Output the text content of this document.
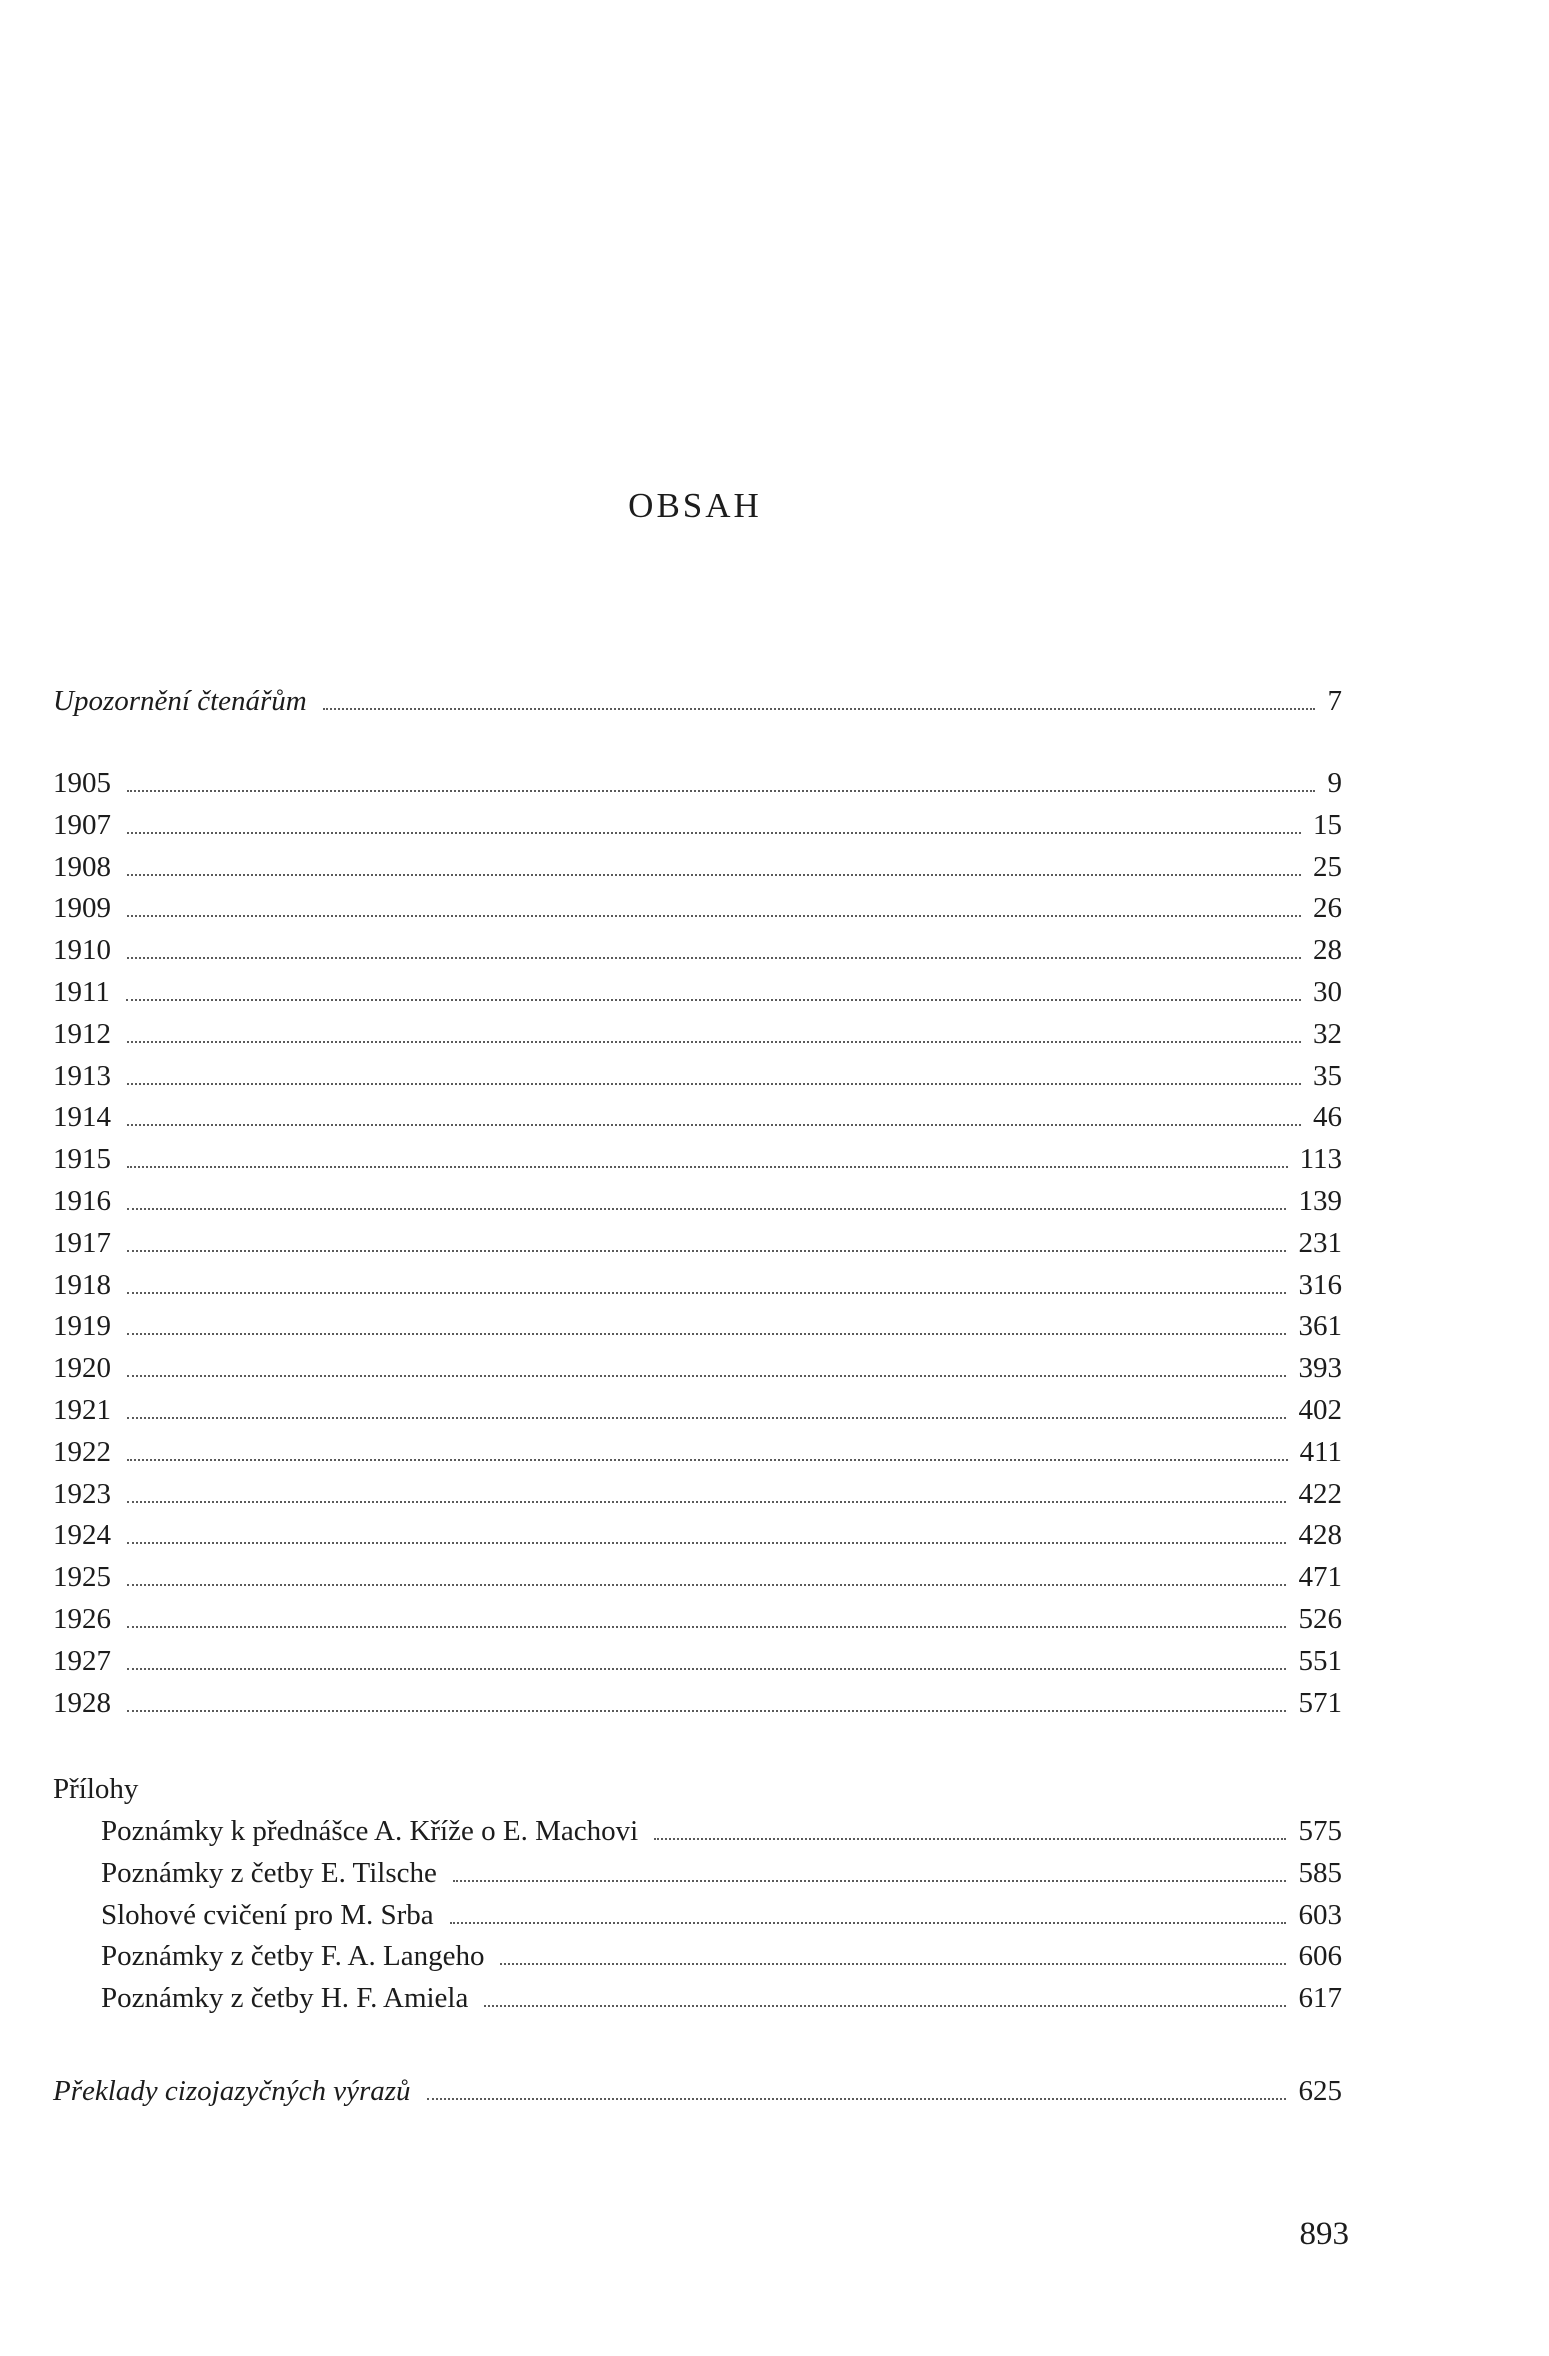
OBSAH
Upozornění čtenářům	7
1905	9
1907	15
1908	25
1909	26
1910	28
1911	30
1912	32
1913	35
1914	46
1915	113
1916	139
1917	231
1918	316
1919	361
1920	393
1921	402
1922	411
1923	422
1924	428
1925	471
1926	526
1927	551
1928	571
Přílohy
Poznámky k přednášce A. Kříže o E. Machovi	575
Poznámky z četby E. Tilsche	585
Slohové cvičení pro M. Srba	603
Poznámky z četby F. A. Langeho	606
Poznámky z četby H. F. Amiela	617
Překlady cizojazyčných výrazů	625
893
